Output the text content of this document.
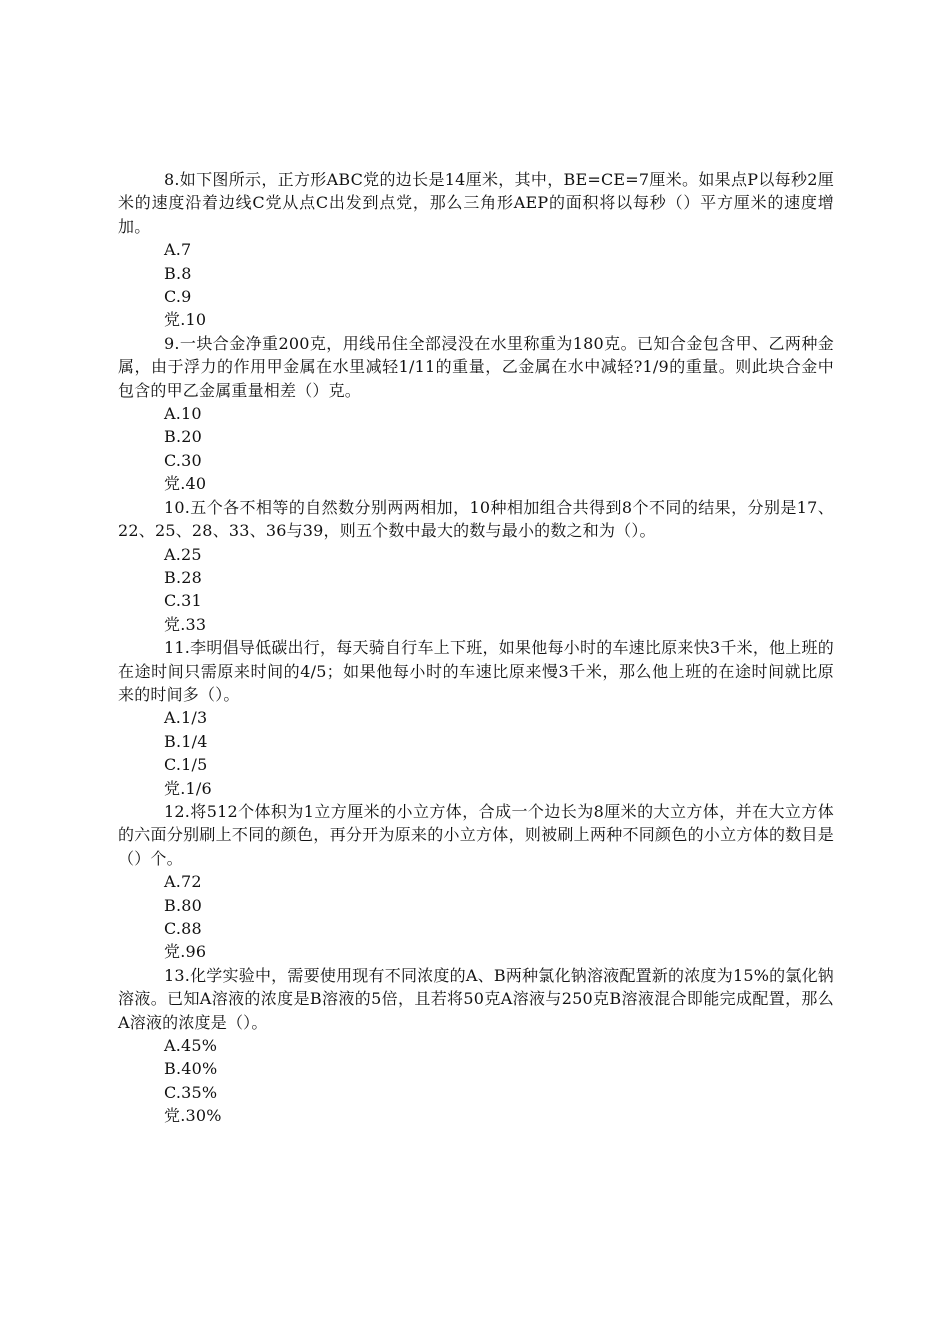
8.如下图所示，正方形ABC党的边长是14厘米，其中，BE=CE=7厘米。如果点P以每秒2厘米的速度沿着边线C党从点C出发到点党，那么三角形AEP的面积将以每秒（）平方厘米的速度增加。

A.7
B.8
C.9
党.10

9.一块合金净重200克，用线吊住全部浸没在水里称重为180克。已知合金包含甲、乙两种金属，由于浮力的作用甲金属在水里减轻1/11的重量，乙金属在水中减轻?1/9的重量。则此块合金中包含的甲乙金属重量相差（）克。

A.10
B.20
C.30
党.40

10.五个各不相等的自然数分别两两相加，10种相加组合共得到8个不同的结果，分别是17、22、25、28、33、36与39，则五个数中最大的数与最小的数之和为（）。

A.25
B.28
C.31
党.33

11.李明倡导低碳出行，每天骑自行车上下班，如果他每小时的车速比原来快3千米，他上班的在途时间只需原来时间的4/5；如果他每小时的车速比原来慢3千米，那么他上班的在途时间就比原来的时间多（）。

A.1/3
B.1/4
C.1/5
党.1/6

12.将512个体积为1立方厘米的小立方体，合成一个边长为8厘米的大立方体，并在大立方体的六面分别刷上不同的颜色，再分开为原来的小立方体，则被刷上两种不同颜色的小立方体的数目是（）个。

A.72
B.80
C.88
党.96

13.化学实验中，需要使用现有不同浓度的A、B两种氯化钠溶液配置新的浓度为15%的氯化钠溶液。已知A溶液的浓度是B溶液的5倍，且若将50克A溶液与250克B溶液混合即能完成配置，那么A溶液的浓度是（）。

A.45%
B.40%
C.35%
党.30%
